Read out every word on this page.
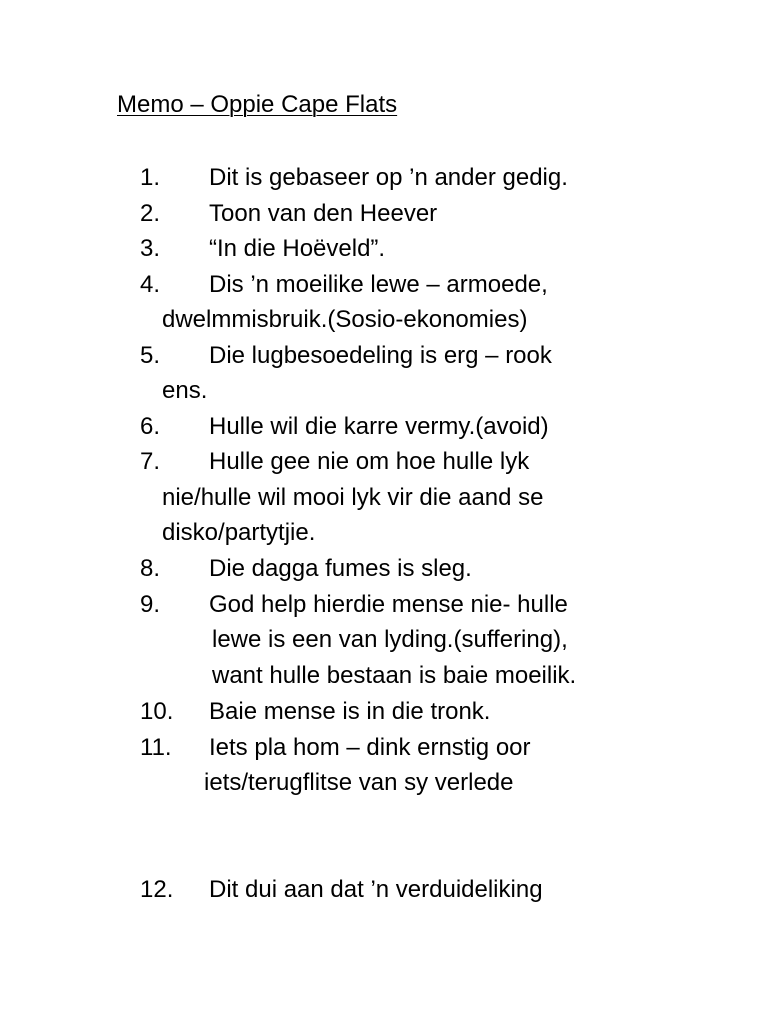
Memo – Oppie Cape Flats
1. Dit is gebaseer op ’n ander gedig.
2. Toon van den Heever
3. “In die Hoëveld”.
4. Dis ’n moeilike lewe – armoede,
dwelmmisbruik.(Sosio-ekonomies)
5. Die lugbesoedeling is erg – rook
ens.
6. Hulle wil die karre vermy.(avoid)
7. Hulle gee nie om hoe hulle lyk
nie/hulle wil mooi lyk vir die aand se
disko/partytjie.
8. Die dagga fumes is sleg.
9. God help hierdie mense nie- hulle
lewe is een van lyding.(suffering),
want hulle bestaan is baie moeilik.
10. Baie mense is in die tronk.
11. Iets pla hom – dink ernstig oor
iets/terugflitse van sy verlede
12. Dit dui aan dat ’n verduideliking
